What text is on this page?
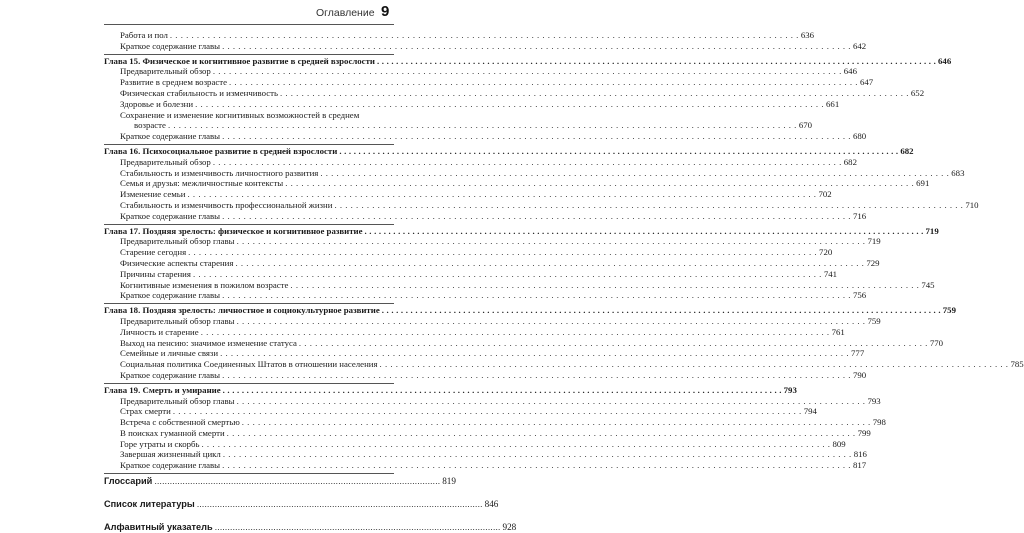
Оглавление 9
Работа и пол . . .	636
Краткое содержание главы . . .	642
Глава 15. Физическое и когнитивное развитие в средней взрослости . . .	646
Предварительный обзор . . .	646
Развитие в среднем возрасте . . .	647
Физическая стабильность и изменчивость . . .	652
Здоровье и болезни . . .	661
Сохранение и изменение когнитивных возможностей в среднем
возрасте . . .	670
Краткое содержание главы . . .	680
Глава 16. Психосоциальное развитие в средней взрослости . . .	682
Предварительный обзор . . .	682
Стабильность и изменчивость личностного развития . . .	683
Семья и друзья: межличностные контексты . . .	691
Изменение семьи . . .	702
Стабильность и изменчивость профессиональной жизни . . .	710
Краткое содержание главы . . .	716
Глава 17. Поздняя зрелость: физическое и когнитивное развитие . . .	719
Предварительный обзор главы . . .	719
Старение сегодня . . .	720
Физические аспекты старения . . .	729
Причины старения . . .	741
Когнитивные изменения в пожилом возрасте . . .	745
Краткое содержание главы . . .	756
Глава 18. Поздняя зрелость: личностное и социокультурное развитие . . .	759
Предварительный обзор главы . . .	759
Личность и старение . . .	761
Выход на пенсию: значимое изменение статуса . . .	770
Семейные и личные связи . . .	777
Социальная политика Соединенных Штатов в отношении населения . . .	785
Краткое содержание главы . . .	790
Глава 19. Смерть и умирание . . .	793
Предварительный обзор главы . . .	793
Страх смерти . . .	794
Встреча с собственной смертью . . .	798
В поисках гуманной смерти . . .	799
Горе утраты и скорбь . . .	809
Завершая жизненный цикл . . .	816
Краткое содержание главы . . .	817
Глоссарий .....	819
Список литературы .....	846
Алфавитный указатель .....	928
